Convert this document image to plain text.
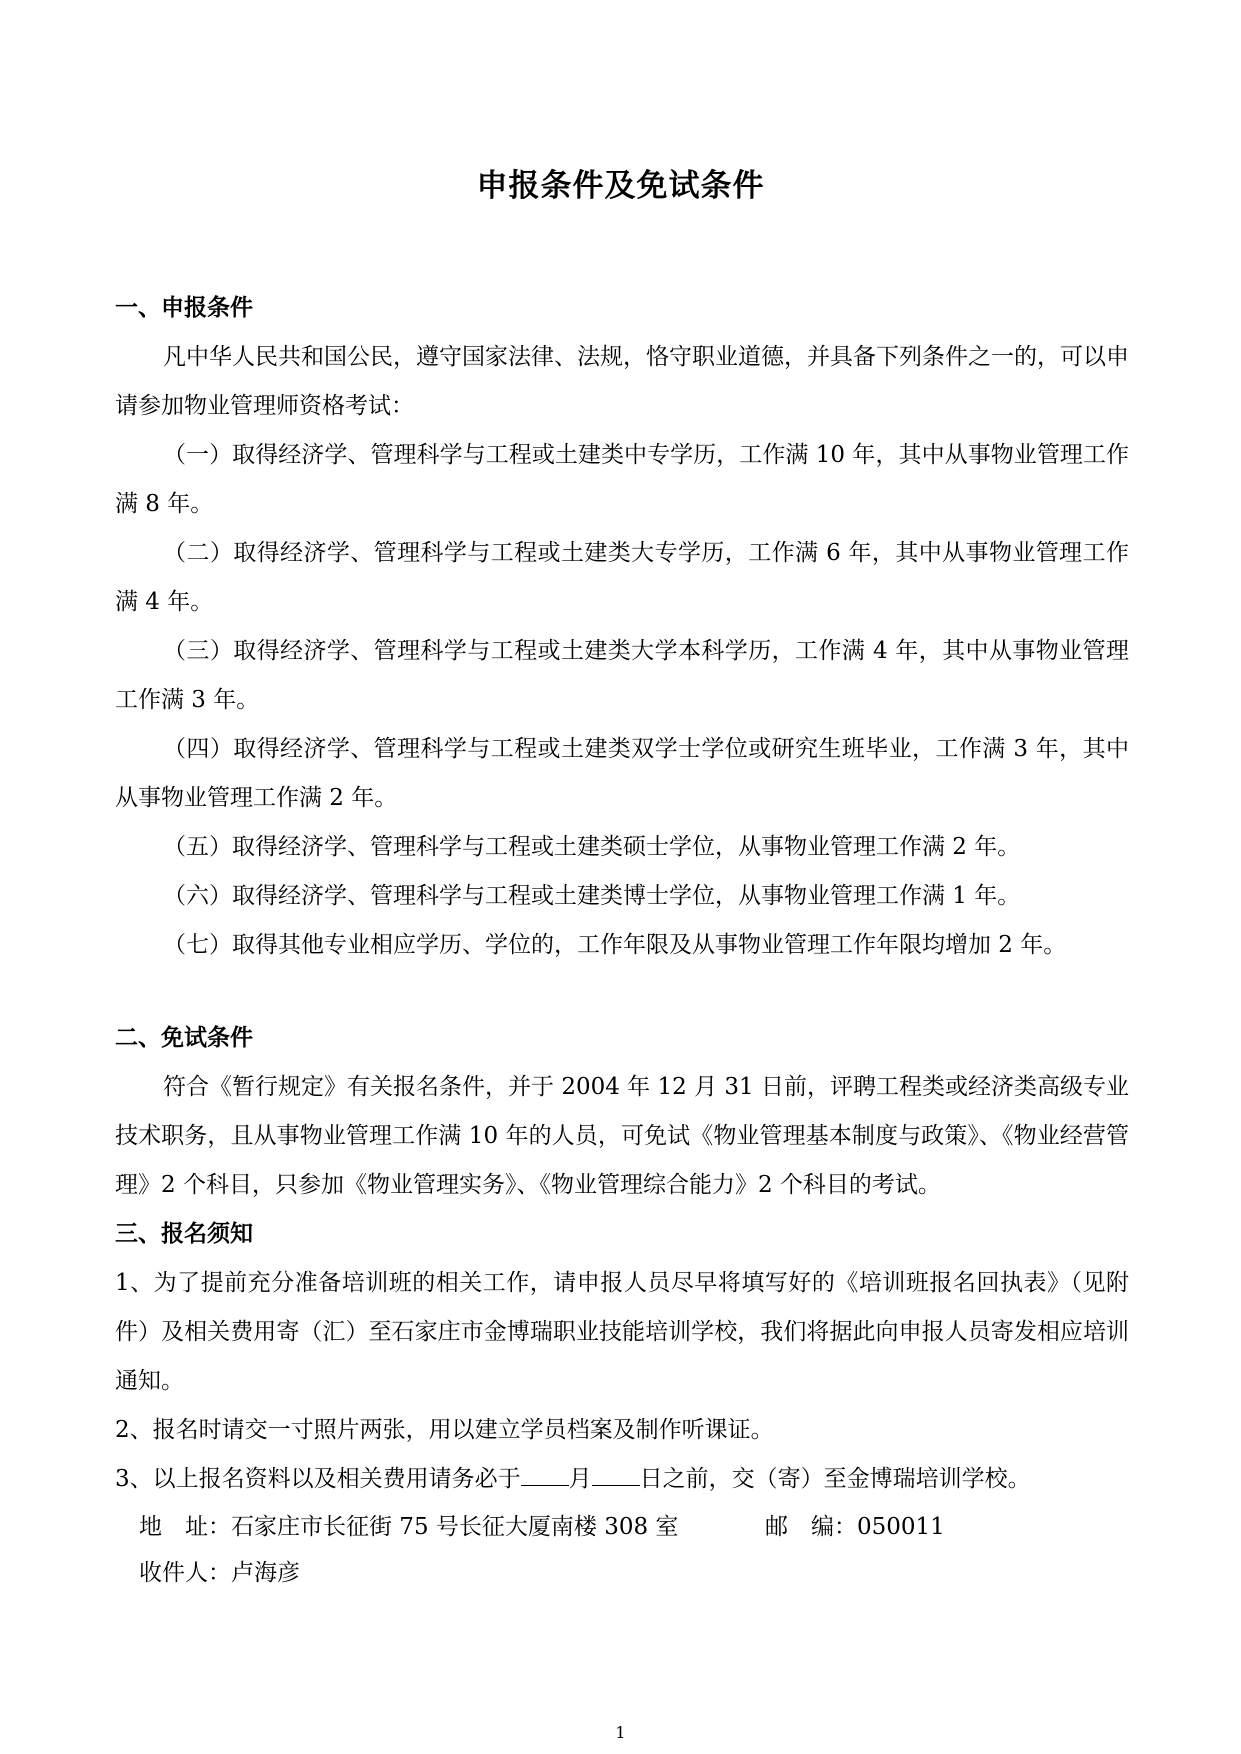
申报条件及免试条件
一、申报条件

凡中华人民共和国公民，遵守国家法律、法规，恪守职业道德，并具备下列条件之一的，可以申请参加物业管理师资格考试：

（一）取得经济学、管理科学与工程或土建类中专学历，工作满 10 年，其中从事物业管理工作满 8 年。

（二）取得经济学、管理科学与工程或土建类大专学历，工作满 6 年，其中从事物业管理工作满 4 年。

（三）取得经济学、管理科学与工程或土建类大学本科学历，工作满 4 年，其中从事物业管理工作满 3 年。

（四）取得经济学、管理科学与工程或土建类双学士学位或研究生班毕业，工作满 3 年，其中从事物业管理工作满 2 年。

（五）取得经济学、管理科学与工程或土建类硕士学位，从事物业管理工作满 2 年。

（六）取得经济学、管理科学与工程或土建类博士学位，从事物业管理工作满 1 年。

（七）取得其他专业相应学历、学位的，工作年限及从事物业管理工作年限均增加 2 年。

二、免试条件

符合《暂行规定》有关报名条件，并于 2004 年 12 月 31 日前，评聘工程类或经济类高级专业技术职务，且从事物业管理工作满 10 年的人员，可免试《物业管理基本制度与政策》、《物业经营管理》2 个科目，只参加《物业管理实务》、《物业管理综合能力》2 个科目的考试。

三、报名须知

1、为了提前充分准备培训班的相关工作，请申报人员尽早将填写好的《培训班报名回执表》（见附件）及相关费用寄（汇）至石家庄市金博瑞职业技能培训学校，我们将据此向申报人员寄发相应培训通知。

2、报名时请交一寸照片两张，用以建立学员档案及制作听课证。

3、以上报名资料以及相关费用请务必于 月 日之前，交（寄）至金博瑞培训学校。

地　址：石家庄市长征街 75 号长征大厦南楼 308 室	邮　编：050011
收件人： 卢海彦
1
